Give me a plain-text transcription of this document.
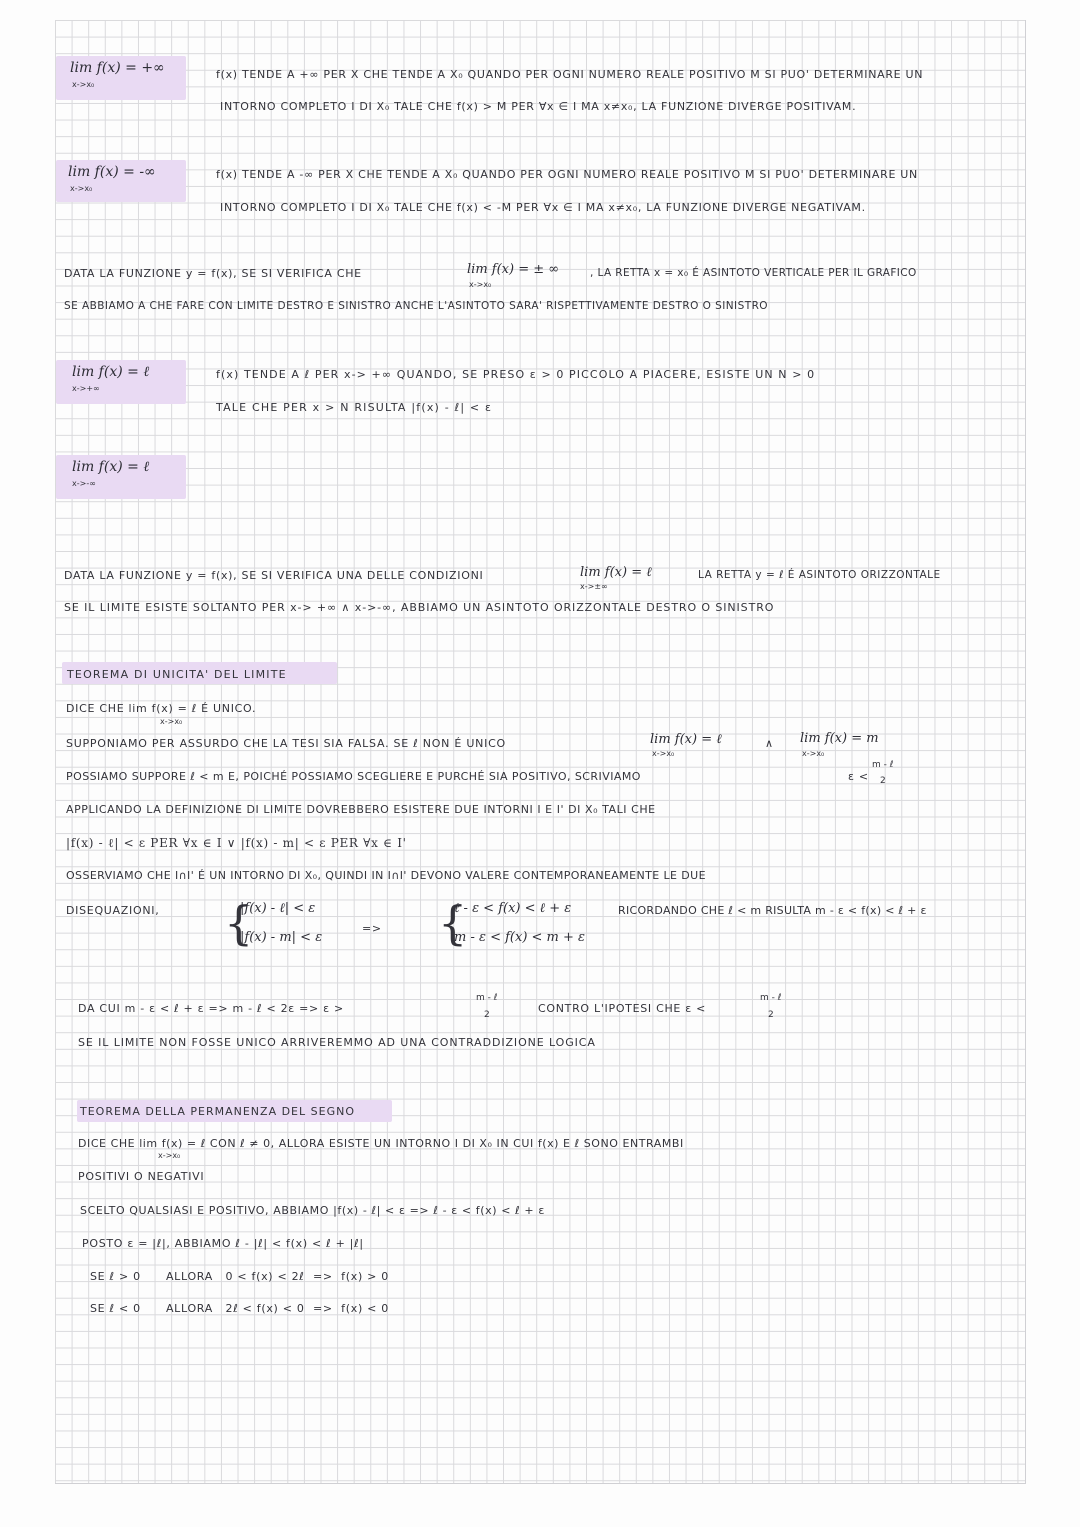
lim f(x) = +∞
x->x₀
f(x) TENDE A +∞ PER X CHE TENDE A X₀ QUANDO PER OGNI NUMERO REALE POSITIVO M SI PUO' DETERMINARE UN
INTORNO COMPLETO I DI X₀ TALE CHE f(x) > M PER ∀x ∈ I MA x≠x₀, LA FUNZIONE DIVERGE POSITIVAM.
lim f(x) = -∞
x->x₀
f(x) TENDE A -∞ PER X CHE TENDE A X₀ QUANDO PER OGNI NUMERO REALE POSITIVO M SI PUO' DETERMINARE UN
INTORNO COMPLETO I DI X₀ TALE CHE f(x) < -M PER ∀x ∈ I MA x≠x₀, LA FUNZIONE DIVERGE NEGATIVAM.
DATA LA FUNZIONE y = f(x), SE SI VERIFICA CHE	lim f(x) = ± ∞
x->x₀
, LA RETTA x = x₀ É ASINTOTO VERTICALE PER IL GRAFICO
SE ABBIAMO A CHE FARE CON LIMITE DESTRO E SINISTRO ANCHE L'ASINTOTO SARA' RISPETTIVAMENTE DESTRO O SINISTRO
lim f(x) = ℓ
x->+∞
f(x) TENDE A ℓ PER x-> +∞ QUANDO, SE PRESO ε > 0 PICCOLO A PIACERE, ESISTE UN N > 0
TALE CHE PER x > N RISULTA |f(x) - ℓ| < ε
lim f(x) = ℓ
x->-∞
DATA LA FUNZIONE y = f(x), SE SI VERIFICA UNA DELLE CONDIZIONI	lim f(x) = ℓ
x->±∞
LA RETTA y = ℓ É ASINTOTO ORIZZONTALE
SE IL LIMITE ESISTE SOLTANTO PER x-> +∞ ∧ x->-∞, ABBIAMO UN ASINTOTO ORIZZONTALE DESTRO O SINISTRO
TEOREMA DI UNICITA' DEL LIMITE
DICE CHE lim f(x) = ℓ É UNICO.
x->x₀
SUPPONIAMO PER ASSURDO CHE LA TESI SIA FALSA. SE ℓ NON É UNICO	lim f(x) = ℓ
x->x₀
∧ lim f(x) = m
x->x₀
POSSIAMO SUPPORE ℓ < m E, POICHÉ POSSIAMO SCEGLIERE E PURCHÉ SIA POSITIVO, SCRIVIAMO	ε <
m - ℓ
2
APPLICANDO LA DEFINIZIONE DI LIMITE DOVREBBERO ESISTERE DUE INTORNI I E I' DI X₀ TALI CHE
|f(x) - ℓ| < ε PER ∀x ∈ I ∨ |f(x) - m| < ε PER ∀x ∈ I'
OSSERVIAMO CHE I∩I' É UN INTORNO DI X₀, QUINDI IN I∩I' DEVONO VALERE CONTEMPORANEAMENTE LE DUE
DISEQUAZIONI, {
|f(x) - ℓ| < ε
|f(x) - m| < ε
=> {
ℓ - ε < f(x) < ℓ + ε
m - ε < f(x) < m + ε
RICORDANDO CHE ℓ < m RISULTA m - ε < f(x) < ℓ + ε
DA CUI m - ε < ℓ + ε => m - ℓ < 2ε => ε >
m - ℓ
2	CONTRO L'IPOTESI CHE ε <
m - ℓ
2
SE IL LIMITE NON FOSSE UNICO ARRIVEREMMO AD UNA CONTRADDIZIONE LOGICA
TEOREMA DELLA PERMANENZA DEL SEGNO
DICE CHE lim f(x) = ℓ CON ℓ ≠ 0, ALLORA ESISTE UN INTORNO I DI X₀ IN CUI f(x) E ℓ SONO ENTRAMBI
x->x₀
POSITIVI O NEGATIVI
SCELTO QUALSIASI E POSITIVO, ABBIAMO |f(x) - ℓ| < ε => ℓ - ε < f(x) < ℓ + ε
POSTO ε = |ℓ|, ABBIAMO ℓ - |ℓ| < f(x) < ℓ + |ℓ|
SE ℓ > 0      ALLORA   0 < f(x) < 2ℓ  =>  f(x) > 0
SE ℓ < 0      ALLORA   2ℓ < f(x) < 0  =>  f(x) < 0
